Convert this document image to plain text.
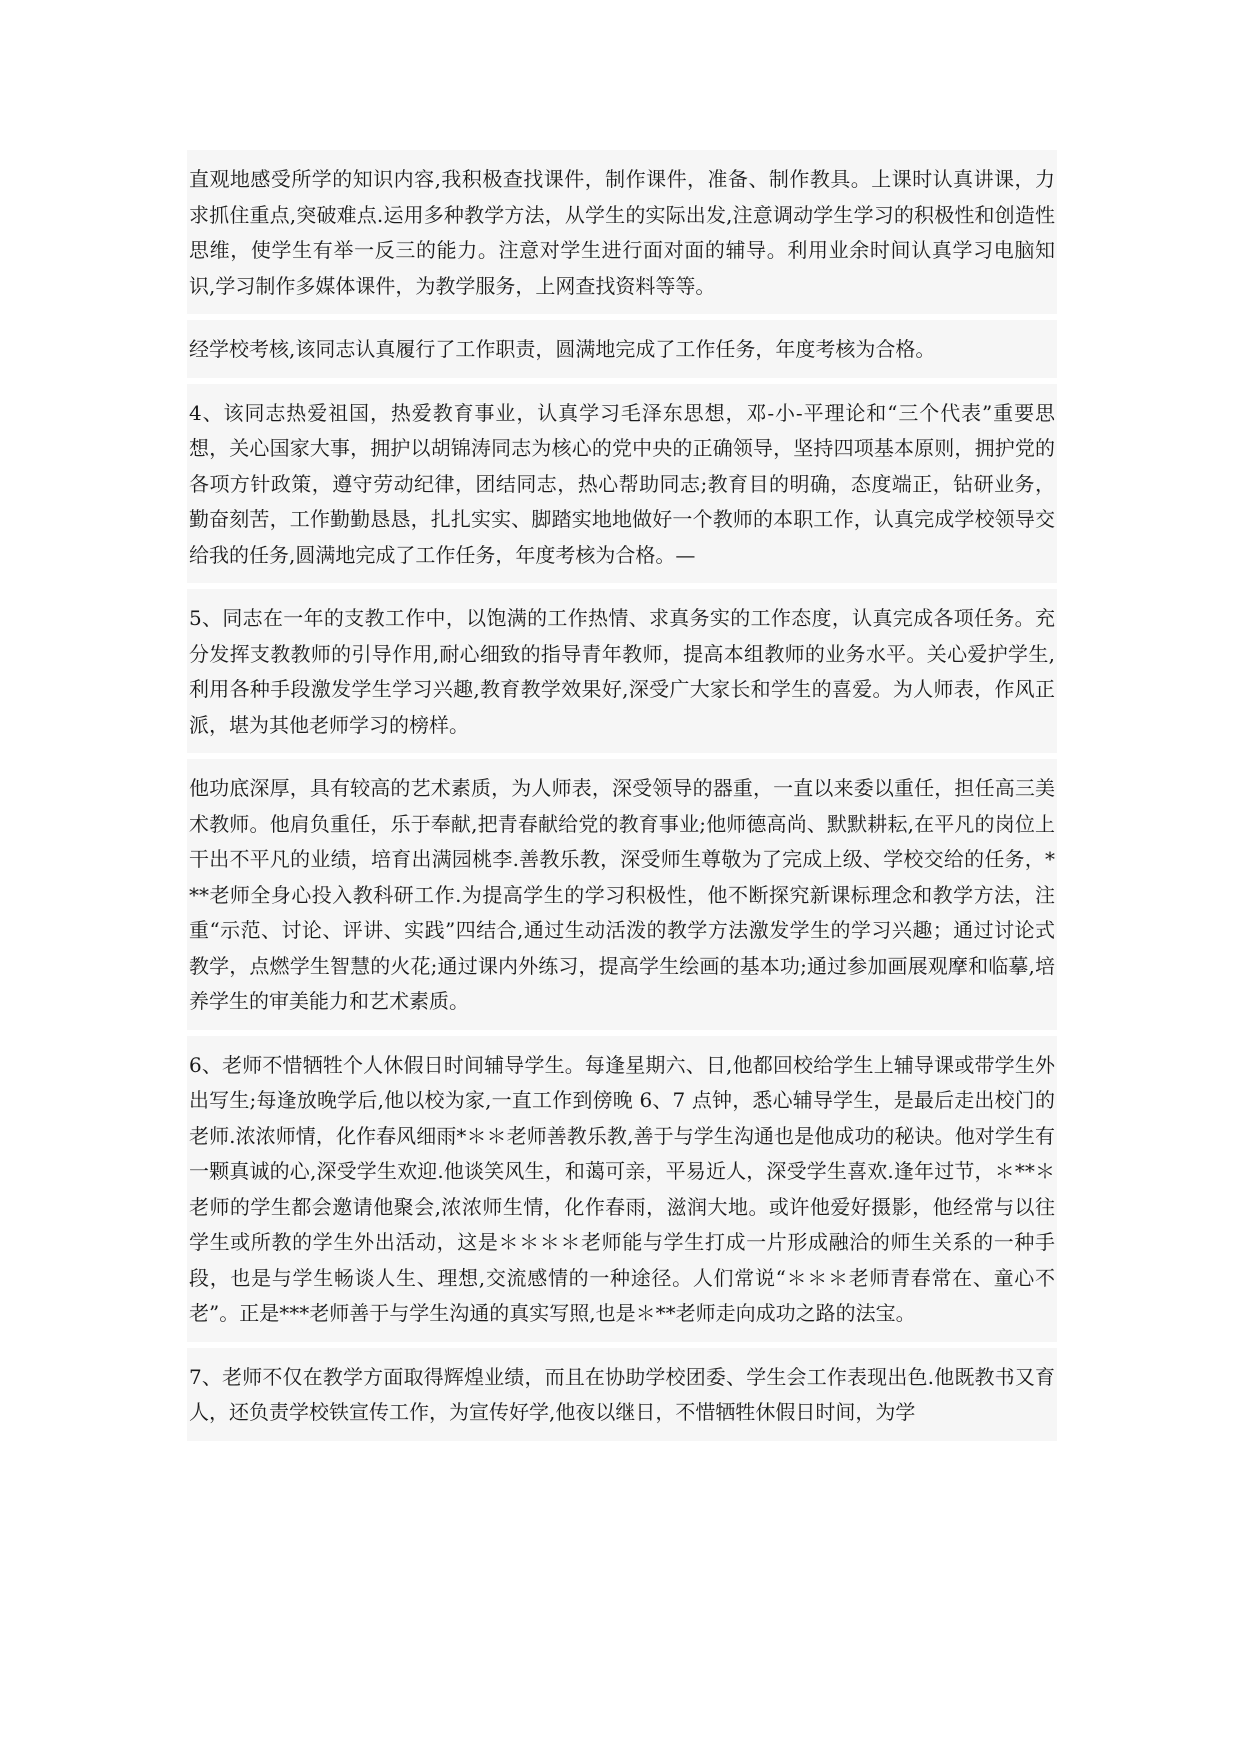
直观地感受所学的知识内容,我积极查找课件，制作课件，准备、制作教具。上课时认真讲课，力求抓住重点,突破难点.运用多种教学方法，从学生的实际出发,注意调动学生学习的积极性和创造性思维，使学生有举一反三的能力。注意对学生进行面对面的辅导。利用业余时间认真学习电脑知识,学习制作多媒体课件，为教学服务，上网查找资料等等。

经学校考核,该同志认真履行了工作职责，圆满地完成了工作任务，年度考核为合格。

4、该同志热爱祖国，热爱教育事业，认真学习毛泽东思想，邓-小-平理论和“三个代表”重要思想，关心国家大事，拥护以胡锦涛同志为核心的党中央的正确领导，坚持四项基本原则，拥护党的各项方针政策，遵守劳动纪律，团结同志，热心帮助同志;教育目的明确，态度端正，钻研业务，勤奋刻苦，工作勤勤恳恳，扎扎实实、脚踏实地地做好一个教师的本职工作，认真完成学校领导交给我的任务,圆满地完成了工作任务，年度考核为合格。—

5、同志在一年的支教工作中，以饱满的工作热情、求真务实的工作态度，认真完成各项任务。充分发挥支教教师的引导作用,耐心细致的指导青年教师，提高本组教师的业务水平。关心爱护学生,利用各种手段激发学生学习兴趣,教育教学效果好,深受广大家长和学生的喜爱。为人师表，作风正派，堪为其他老师学习的榜样。

他功底深厚，具有较高的艺术素质，为人师表，深受领导的器重，一直以来委以重任，担任高三美术教师。他肩负重任，乐于奉献,把青春献给党的教育事业;他师德高尚、默默耕耘,在平凡的岗位上干出不平凡的业绩，培育出满园桃李.善教乐教，深受师生尊敬为了完成上级、学校交给的任务，***老师全身心投入教科研工作.为提高学生的学习积极性，他不断探究新课标理念和教学方法，注重“示范、讨论、评讲、实践”四结合,通过生动活泼的教学方法激发学生的学习兴趣；通过讨论式教学，点燃学生智慧的火花;通过课内外练习，提高学生绘画的基本功;通过参加画展观摩和临摹,培养学生的审美能力和艺术素质。

6、老师不惜牺牲个人休假日时间辅导学生。每逢星期六、日,他都回校给学生上辅导课或带学生外出写生;每逢放晚学后,他以校为家,一直工作到傍晚 6、7 点钟，悉心辅导学生，是最后走出校门的老师.浓浓师情，化作春风细雨*＊＊老师善教乐教,善于与学生沟通也是他成功的秘诀。他对学生有一颗真诚的心,深受学生欢迎.他谈笑风生，和蔼可亲，平易近人，深受学生喜欢.逢年过节，＊**＊老师的学生都会邀请他聚会,浓浓师生情，化作春雨，滋润大地。或许他爱好摄影，他经常与以往学生或所教的学生外出活动，这是＊＊＊＊老师能与学生打成一片形成融洽的师生关系的一种手段，也是与学生畅谈人生、理想,交流感情的一种途径。人们常说“＊＊＊老师青春常在、童心不老”。正是***老师善于与学生沟通的真实写照,也是＊**老师走向成功之路的法宝。

7、老师不仅在教学方面取得辉煌业绩，而且在协助学校团委、学生会工作表现出色.他既教书又育人，还负责学校铁宣传工作，为宣传好学,他夜以继日，不惜牺牲休假日时间，为学
